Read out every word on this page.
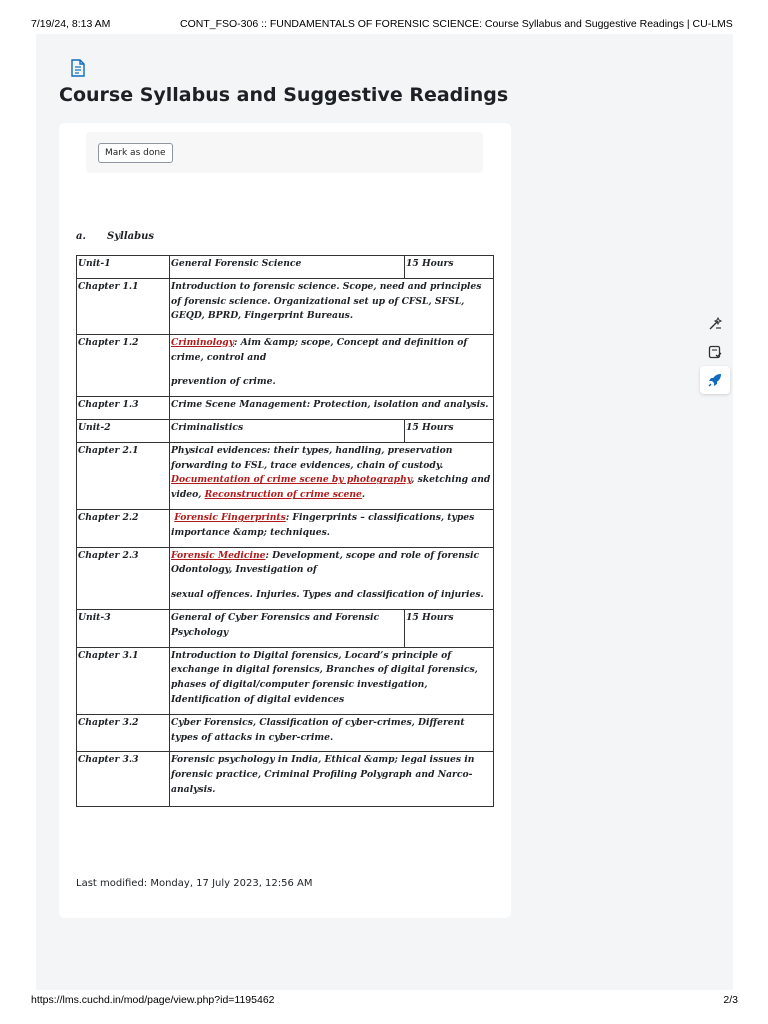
7/19/24, 8:13 AM	CONT_FSO-306 :: FUNDAMENTALS OF FORENSIC SCIENCE: Course Syllabus and Suggestive Readings | CU-LMS
Course Syllabus and Suggestive Readings
Mark as done
a. Syllabus
Unit-1	General Forensic Science	15 Hours
Chapter 1.1	Introduction to forensic science. Scope, need and principles of forensic science. Organizational set up of CFSL, SFSL, GEQD, BPRD, Fingerprint Bureaus.	
Chapter 1.2	Criminology: Aim &amp; scope, Concept and definition of crime, control and

prevention of crime.	

Chapter 1.3	Crime Scene Management: Protection, isolation and analysis.	
Unit-2	Criminalistics	15 Hours
Chapter 2.1	Physical evidences: their types, handling, preservation forwarding to FSL, trace evidences, chain of custody. Documentation of crime scene by photography, sketching and video, Reconstruction of crime scene.	
Chapter 2.2	Forensic Fingerprints: Fingerprints – classifications, types importance &amp; techniques.	
Chapter 2.3	Forensic Medicine: Development, scope and role of forensic Odontology, Investigation of

sexual offences. Injuries. Types and classification of injuries.	

Unit-3	General of Cyber Forensics and Forensic Psychology	15 Hours
Chapter 3.1	Introduction to Digital forensics, Locard’s principle of exchange in digital forensics, Branches of digital forensics, phases of digital/computer forensic investigation, Identification of digital evidences	
Chapter 3.2	Cyber Forensics, Classification of cyber-crimes, Different types of attacks in cyber-crime.	
Chapter 3.3	Forensic psychology in India, Ethical &amp; legal issues in forensic practice, Criminal Profiling Polygraph and Narco-analysis.	
Last modified: Monday, 17 July 2023, 12:56 AM
https://lms.cuchd.in/mod/page/view.php?id=1195462	2/3
